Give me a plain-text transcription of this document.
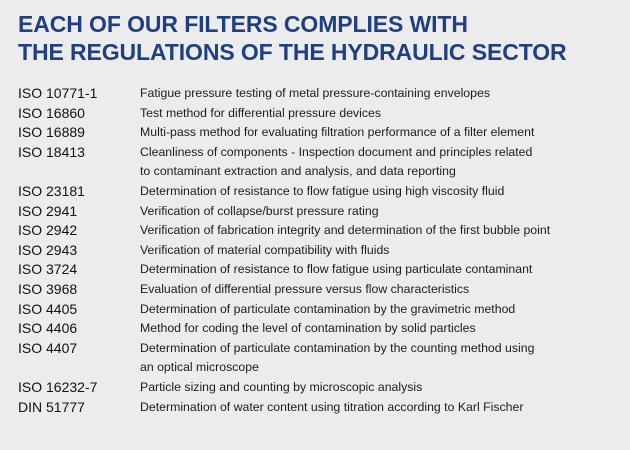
EACH OF OUR FILTERS COMPLIES WITH
THE REGULATIONS OF THE HYDRAULIC SECTOR
ISO 10771-1	Fatigue pressure testing of metal pressure-containing envelopes
ISO 16860	Test method for differential pressure devices
ISO 16889	Multi-pass method for evaluating filtration performance of a filter element
ISO 18413	Cleanliness of components - Inspection document and principles related
to contaminant extraction and analysis, and data reporting
ISO 23181	Determination of resistance to flow fatigue using high viscosity fluid
ISO 2941	Verification of collapse/burst pressure rating
ISO 2942	Verification of fabrication integrity and determination of the first bubble point
ISO 2943	Verification of material compatibility with fluids
ISO 3724	Determination of resistance to flow fatigue using particulate contaminant
ISO 3968	Evaluation of differential pressure versus flow characteristics
ISO 4405	Determination of particulate contamination by the gravimetric method
ISO 4406	Method for coding the level of contamination by solid particles
ISO 4407	Determination of particulate contamination by the counting method using
an optical microscope
ISO 16232-7	Particle sizing and counting by microscopic analysis
DIN 51777	Determination of water content using titration according to Karl Fischer
